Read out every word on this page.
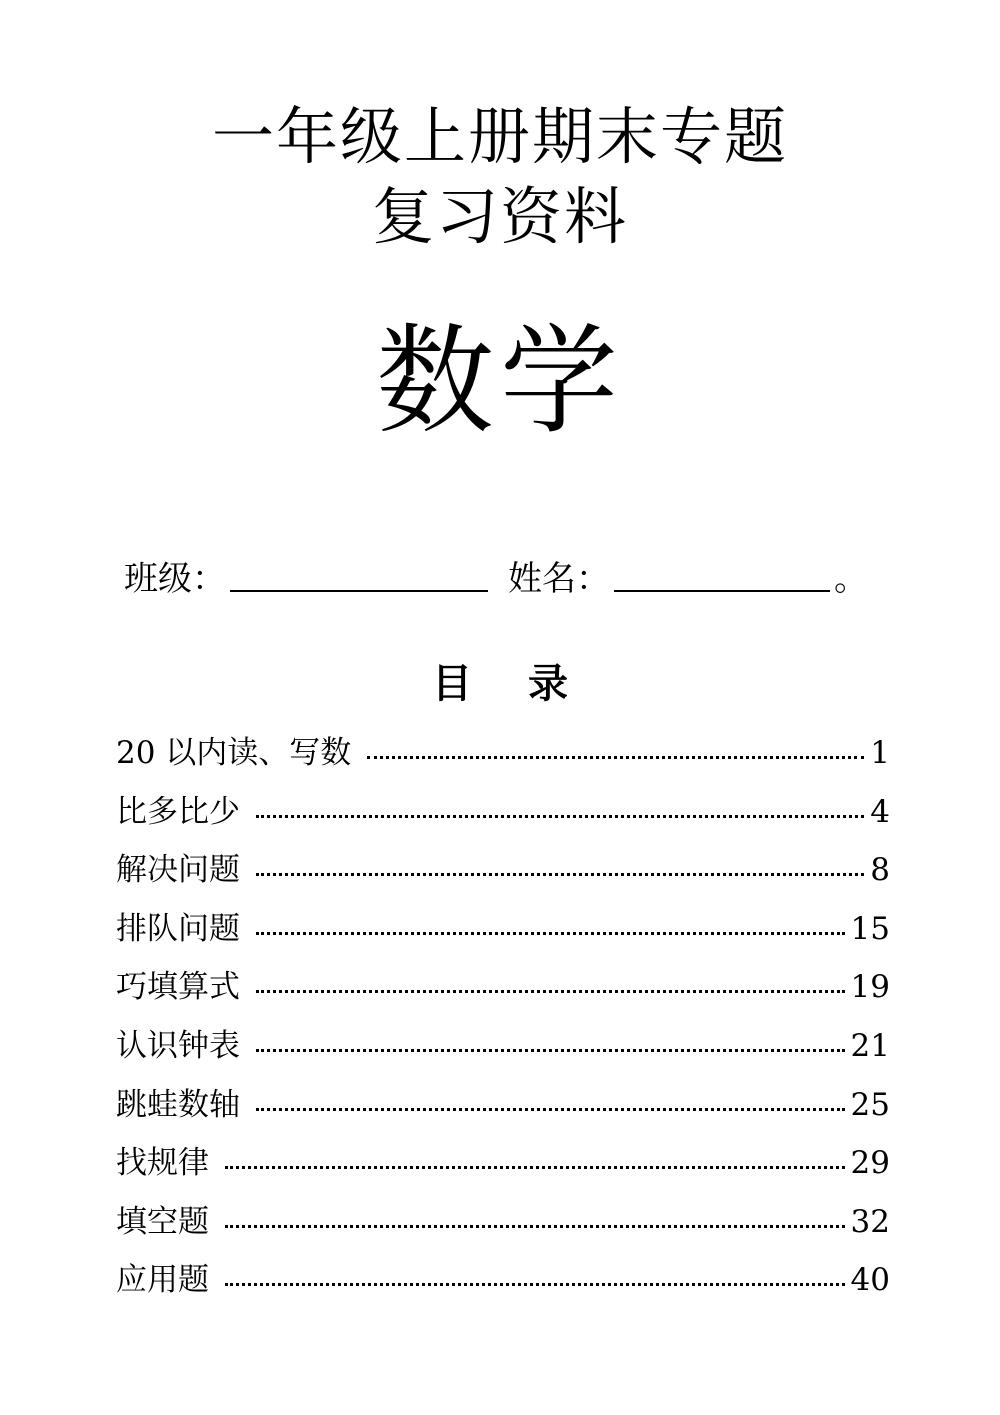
一年级上册期末专题
复习资料
数学
班级：	姓名：	。
目 录
20 以内读、写数	1
比多比少	4
解决问题	8
排队问题	15
巧填算式	19
认识钟表	21
跳蛙数轴	25
找规律	29
填空题	32
应用题	40
